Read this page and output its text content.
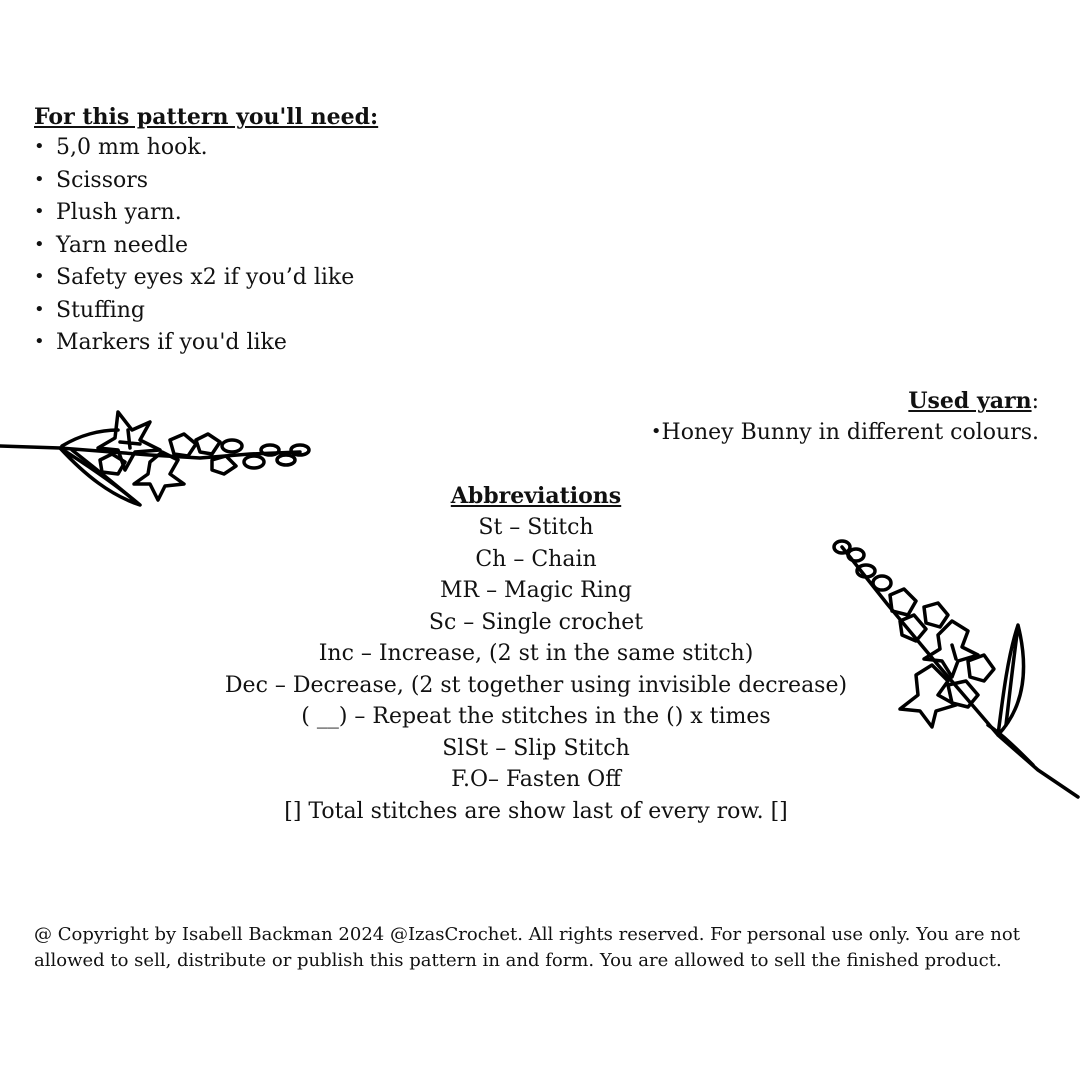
For this pattern you'll need:
• 5,0 mm hook.
• Scissors
• Plush yarn.
• Yarn needle
• Safety eyes x2 if you’d like
• Stuffing
• Markers if you'd like
Used yarn:
•Honey Bunny in different colours.
Abbreviations
St – Stitch
Ch – Chain
MR – Magic Ring
Sc – Single crochet
Inc – Increase, (2 st in the same stitch)
Dec – Decrease, (2 st together using invisible decrease)
( __) – Repeat the stitches in the () x times
SlSt – Slip Stitch
F.O– Fasten Off
[] Total stitches are show last of every row. []
@ Copyright by Isabell Backman 2024 @IzasCrochet. All rights reserved. For personal use only. You are not
allowed to sell, distribute or publish this pattern in and form. You are allowed to sell the finished product.
